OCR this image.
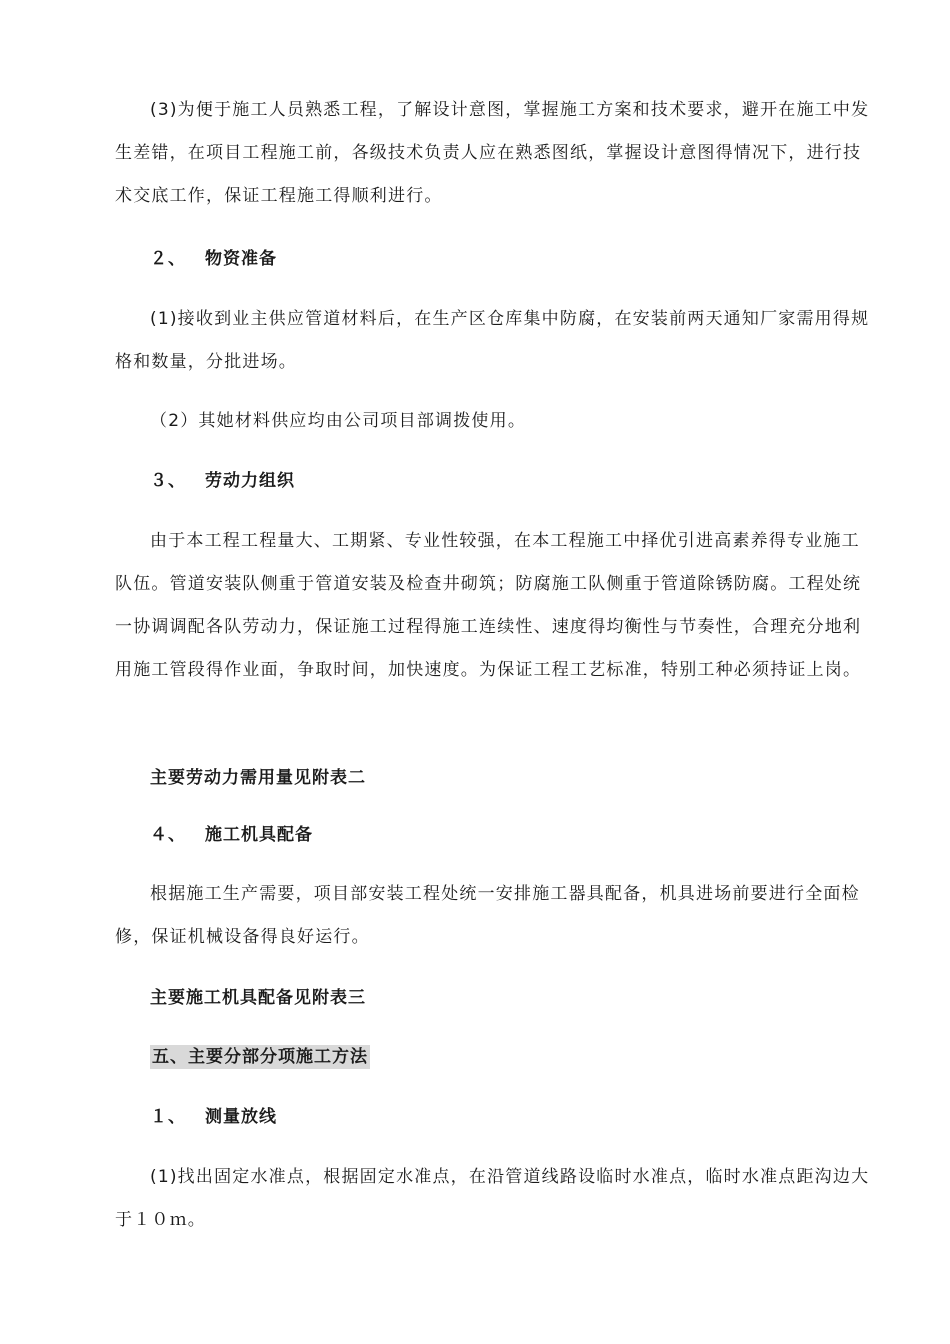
(3)为便于施工人员熟悉工程，了解设计意图，掌握施工方案和技术要求，避开在施工中发生差错，在项目工程施工前，各级技术负责人应在熟悉图纸，掌握设计意图得情况下，进行技术交底工作，保证工程施工得顺利进行。

２、 物资准备

(1)接收到业主供应管道材料后，在生产区仓库集中防腐，在安装前两天通知厂家需用得规格和数量，分批进场。

（2）其她材料供应均由公司项目部调拨使用。

３、 劳动力组织

由于本工程工程量大、工期紧、专业性较强，在本工程施工中择优引进高素养得专业施工队伍。管道安装队侧重于管道安装及检查井砌筑；防腐施工队侧重于管道除锈防腐。工程处统一协调调配各队劳动力，保证施工过程得施工连续性、速度得均衡性与节奏性，合理充分地利用施工管段得作业面，争取时间，加快速度。为保证工程工艺标准，特别工种必须持证上岗。

主要劳动力需用量见附表二
４、 施工机具配备

根据施工生产需要，项目部安装工程处统一安排施工器具配备，机具进场前要进行全面检修，保证机械设备得良好运行。

主要施工机具配备见附表三
五、主要分部分项施工方法
１、 测量放线

(1)找出固定水准点，根据固定水准点，在沿管道线路设临时水准点，临时水准点距沟边大于１０ｍ。
